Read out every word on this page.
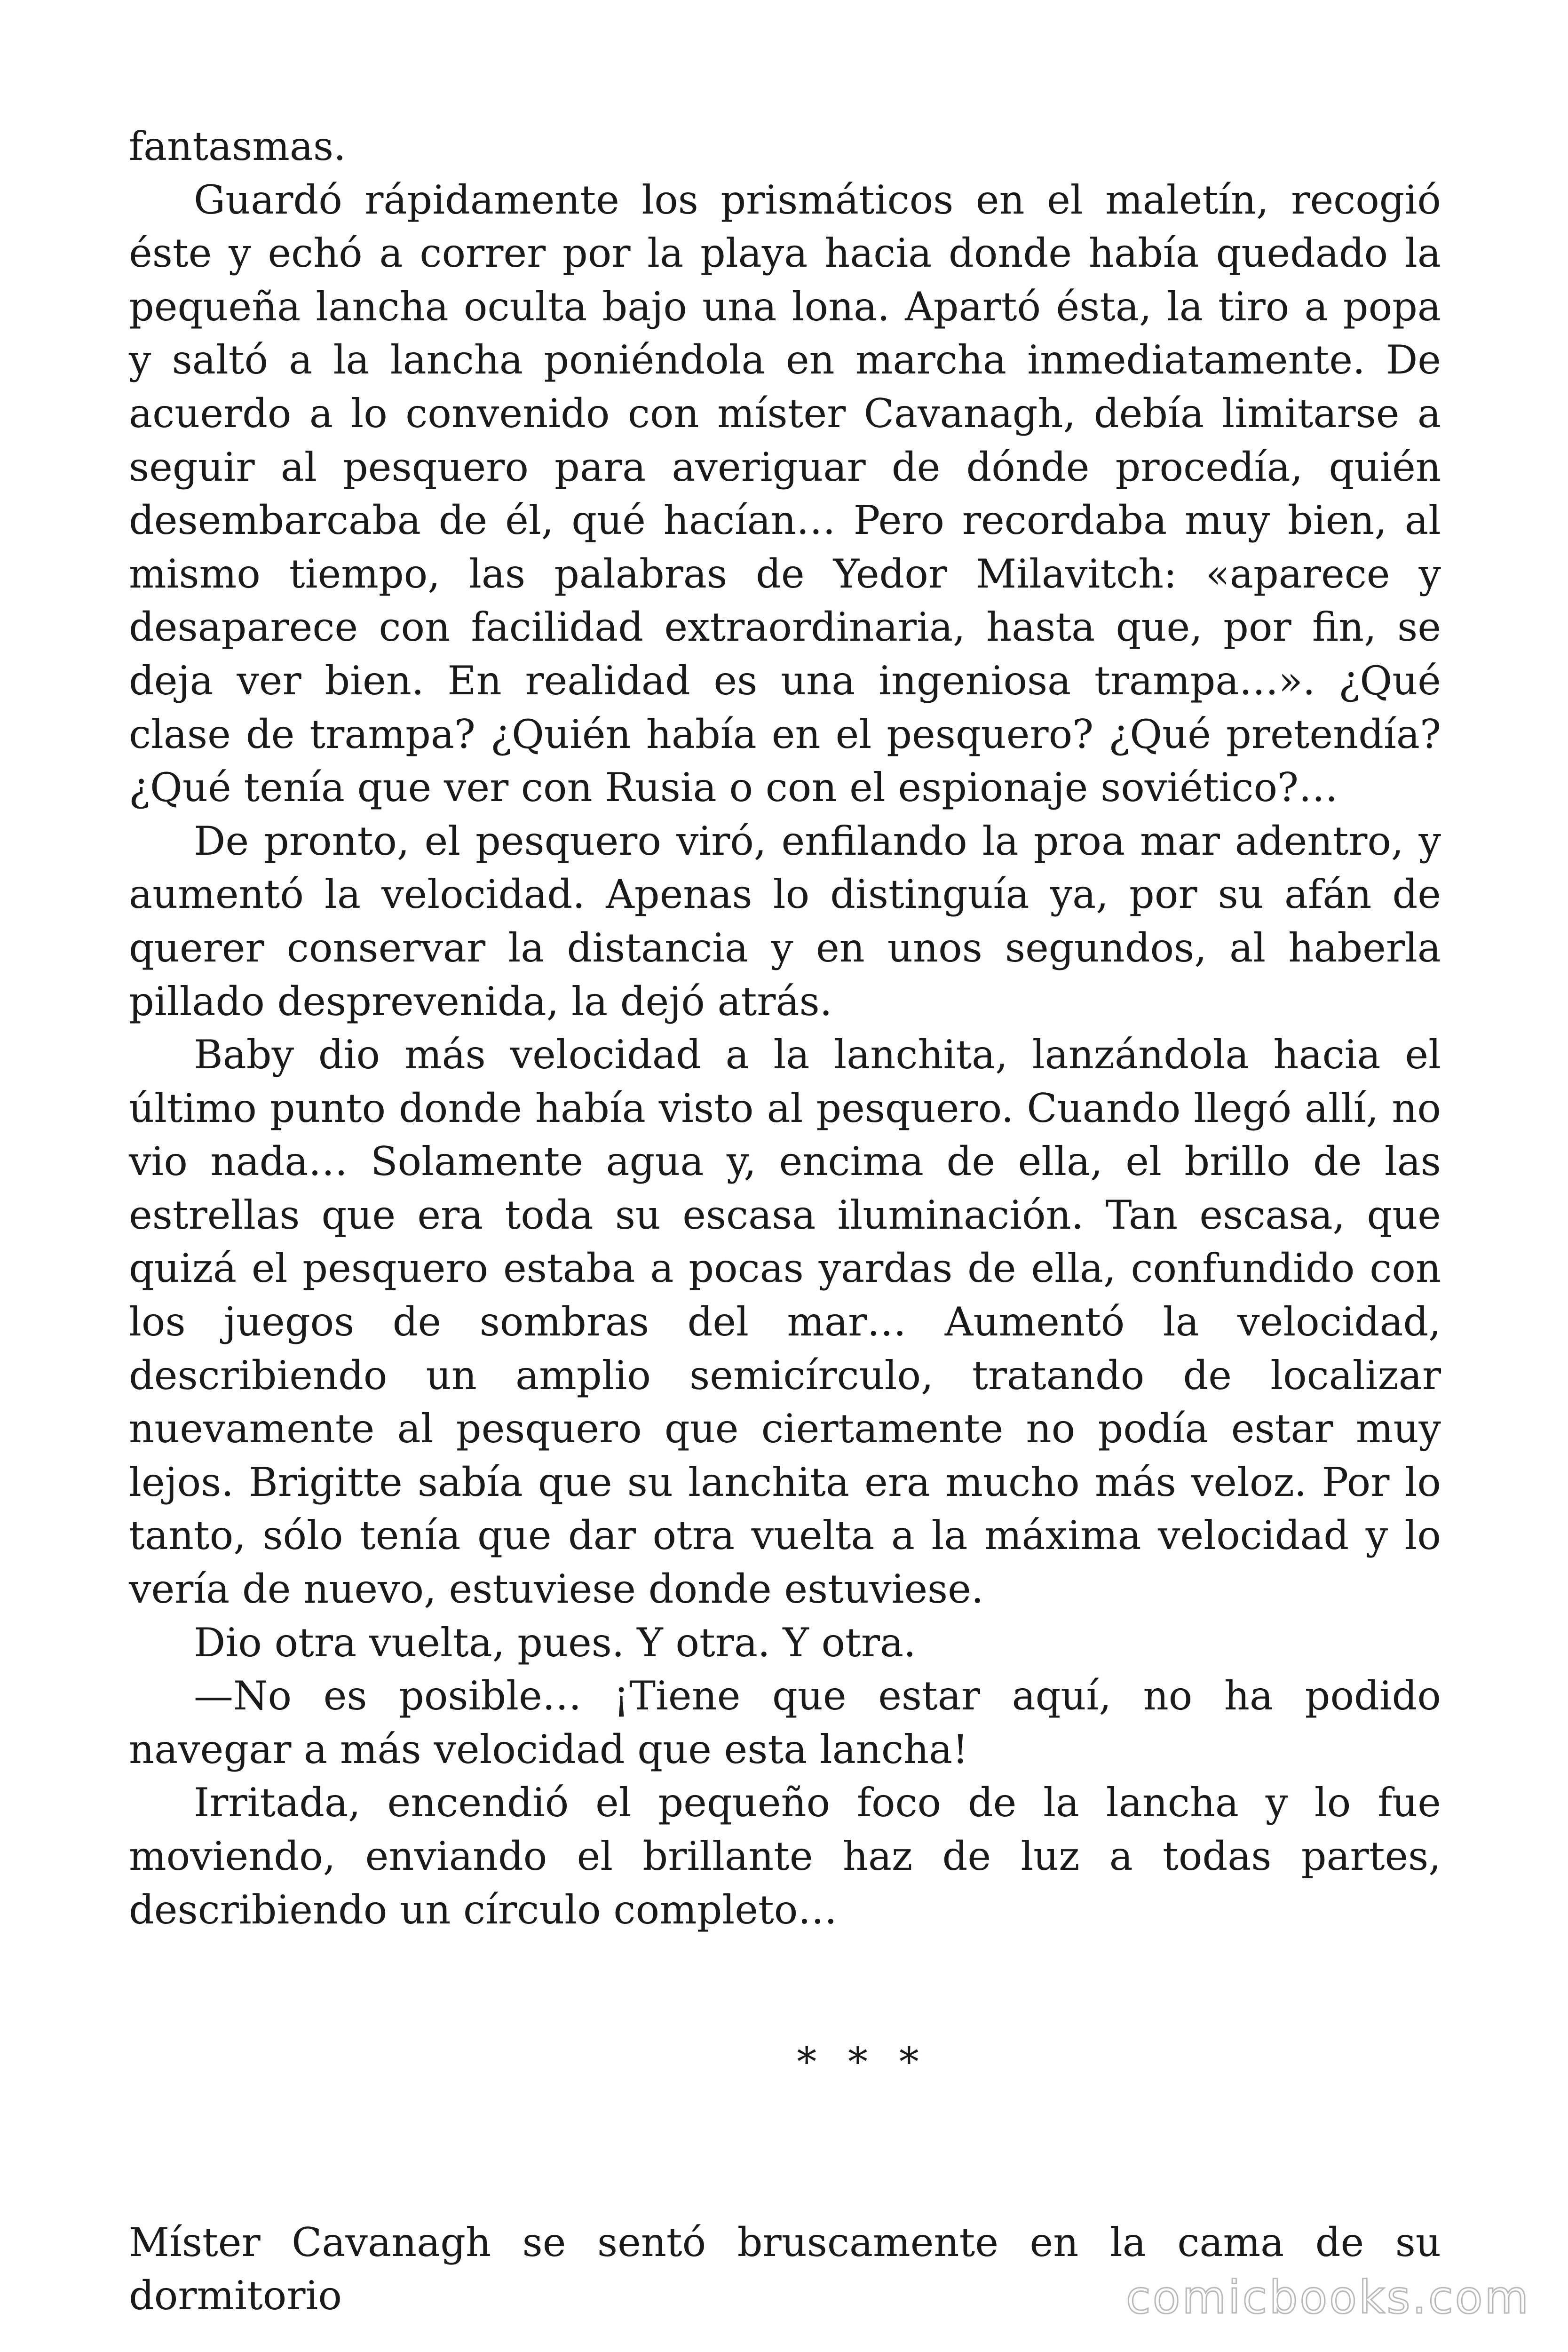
fantasmas.

Guardó rápidamente los prismáticos en el maletín, recogió éste y echó a correr por la playa hacia donde había quedado la pequeña lancha oculta bajo una lona. Apartó ésta, la tiro a popa y saltó a la lancha poniéndola en marcha inmediatamente. De acuerdo a lo convenido con míster Cavanagh, debía limitarse a seguir al pesquero para averiguar de dónde procedía, quién desembarcaba de él, qué hacían… Pero recordaba muy bien, al mismo tiempo, las palabras de Yedor Milavitch: «aparece y desaparece con facilidad extraordinaria, hasta que, por fin, se deja ver bien. En realidad es una ingeniosa trampa…». ¿Qué clase de trampa? ¿Quién había en el pesquero? ¿Qué pretendía? ¿Qué tenía que ver con Rusia o con el espionaje soviético?…

De pronto, el pesquero viró, enfilando la proa mar adentro, y aumentó la velocidad. Apenas lo distinguía ya, por su afán de querer conservar la distancia y en unos segundos, al haberla pillado desprevenida, la dejó atrás.

Baby dio más velocidad a la lanchita, lanzándola hacia el último punto donde había visto al pesquero. Cuando llegó allí, no vio nada… Solamente agua y, encima de ella, el brillo de las estrellas que era toda su escasa iluminación. Tan escasa, que quizá el pesquero estaba a pocas yardas de ella, confundido con los juegos de sombras del mar… Aumentó la velocidad, describiendo un amplio semicírculo, tratando de localizar nuevamente al pesquero que ciertamente no podía estar muy lejos. Brigitte sabía que su lanchita era mucho más veloz. Por lo tanto, sólo tenía que dar otra vuelta a la máxima velocidad y lo vería de nuevo, estuviese donde estuviese.

Dio otra vuelta, pues. Y otra. Y otra.

—No es posible… ¡Tiene que estar aquí, no ha podido navegar a más velocidad que esta lancha!

Irritada, encendió el pequeño foco de la lancha y lo fue moviendo, enviando el brillante haz de luz a todas partes, describiendo un círculo completo…

* * *

Míster Cavanagh se sentó bruscamente en la cama de su dormitorio	comicbooks.com
